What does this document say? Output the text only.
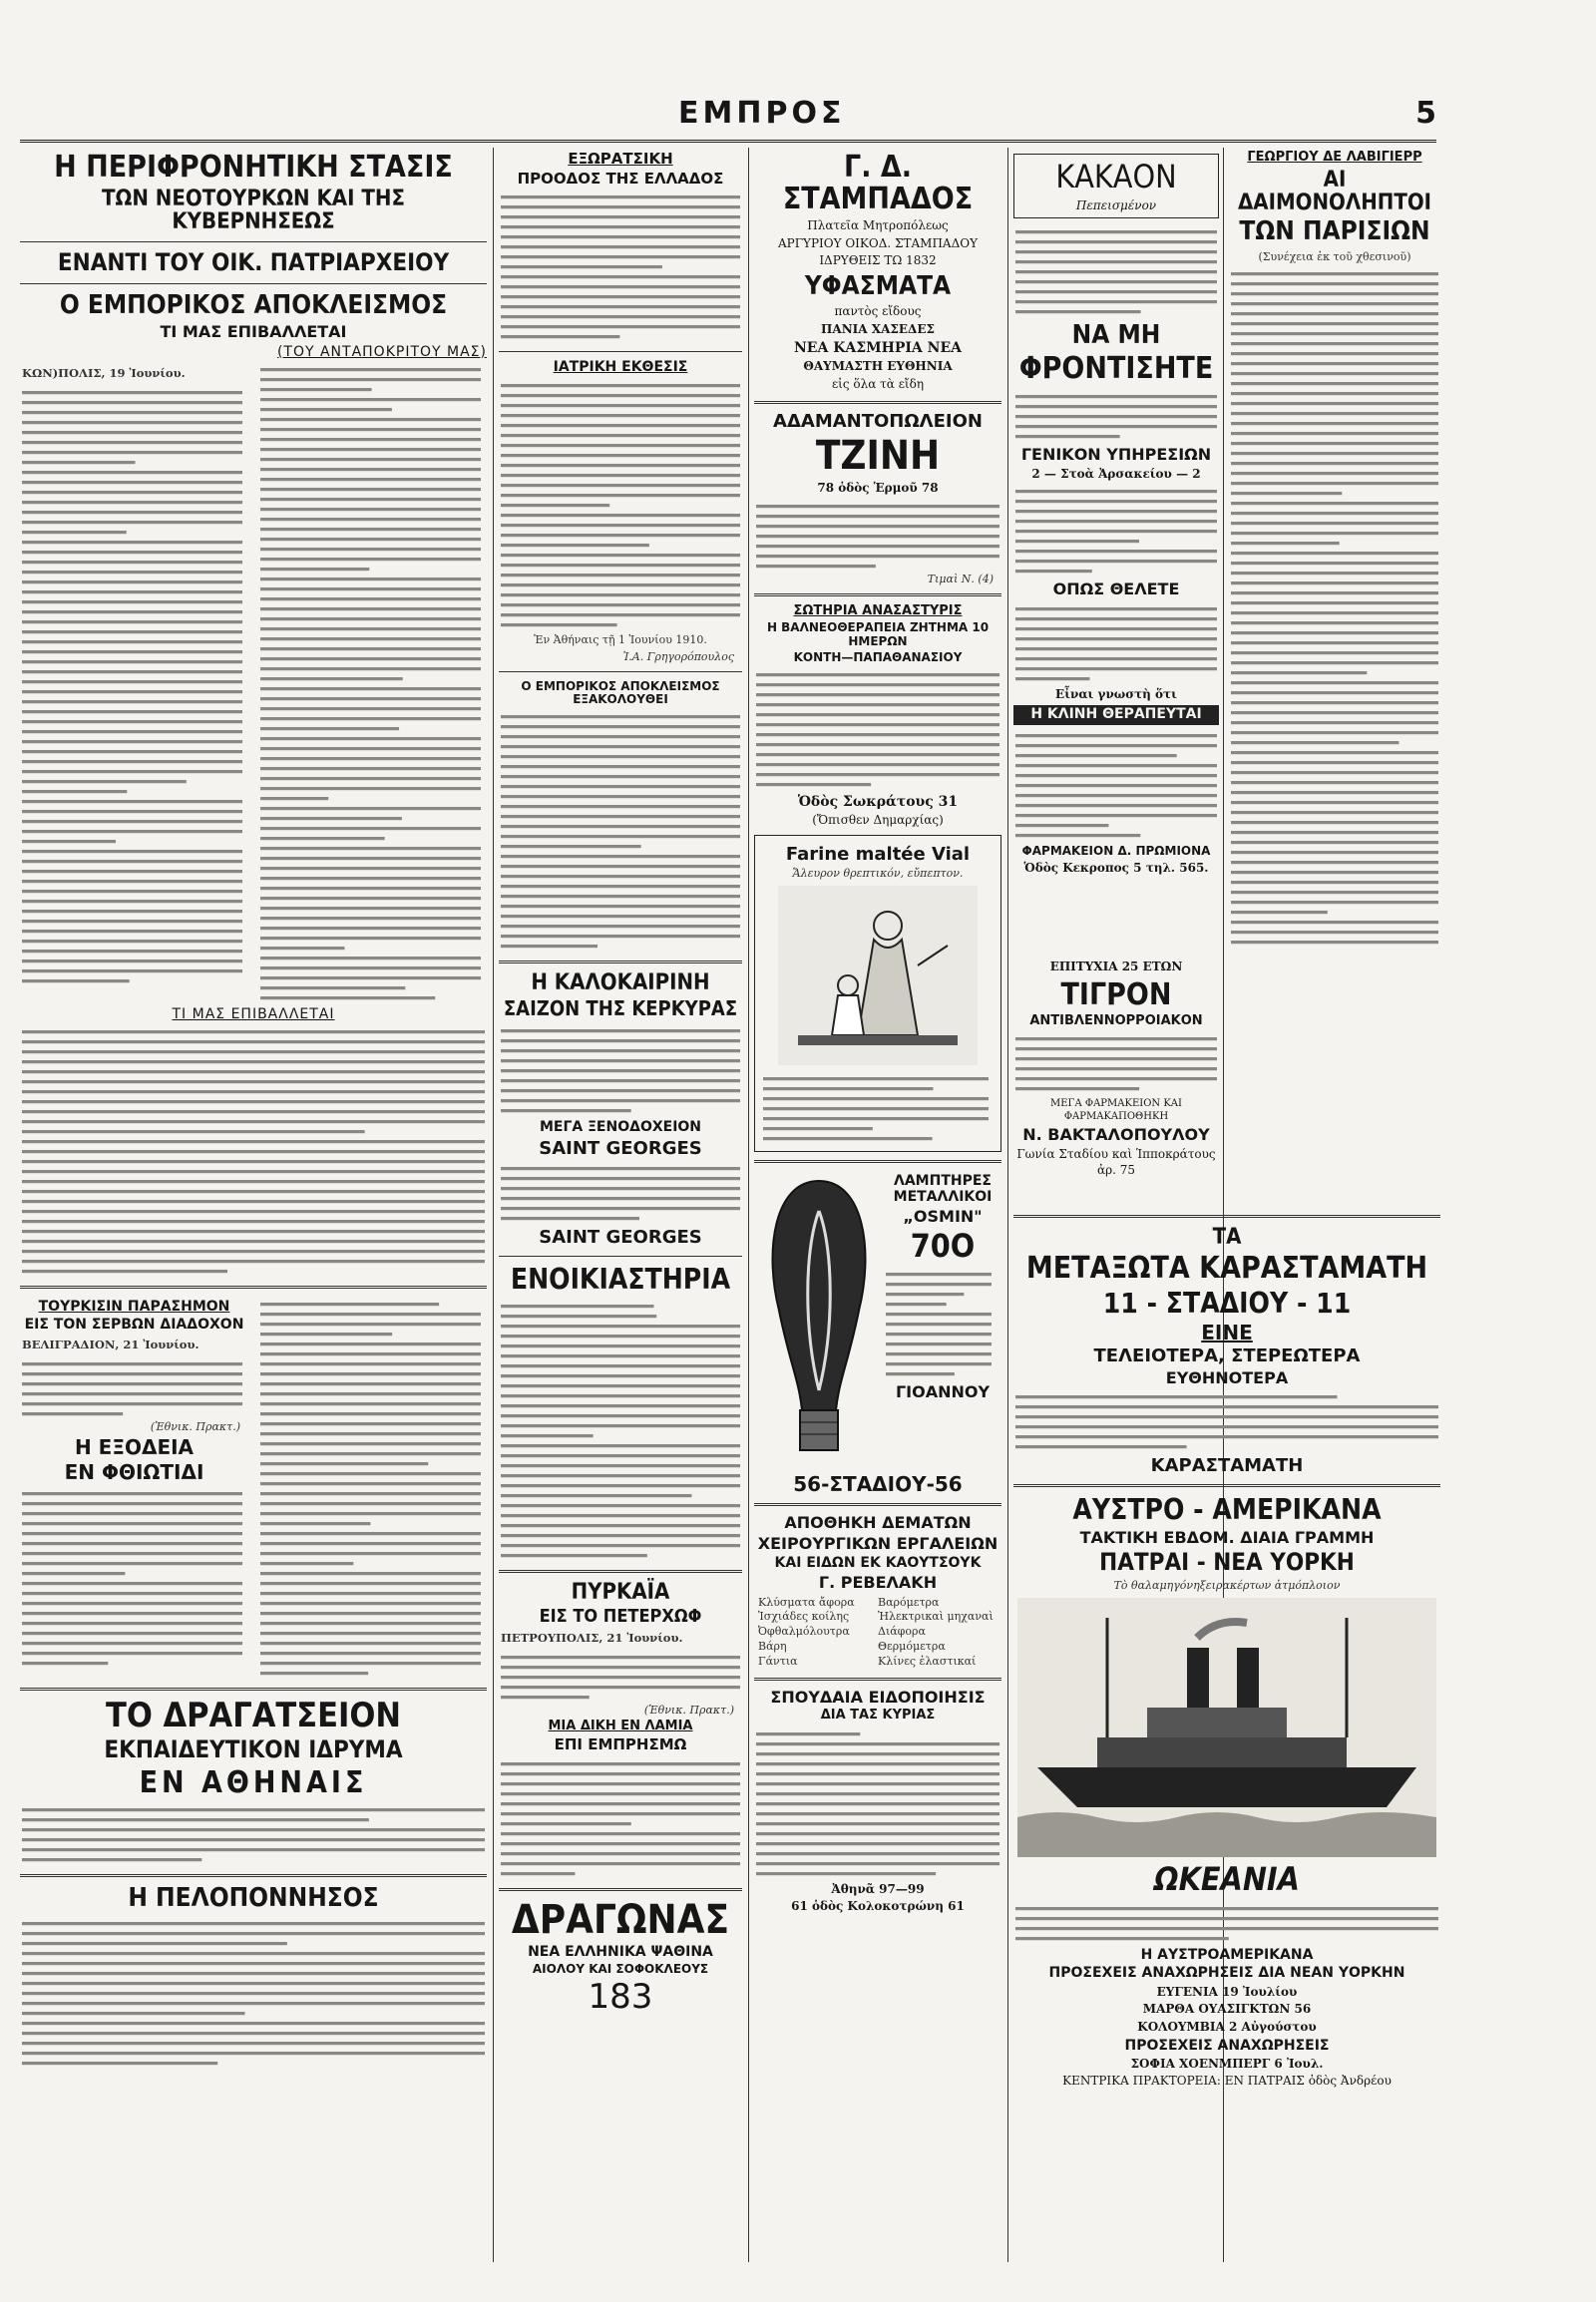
ΕΜΠΡΟΣ	5
Η ΠΕΡΙΦΡΟΝΗΤΙΚΗ ΣΤΑΣΙΣ
ΤΩΝ ΝΕΟΤΟΥΡΚΩΝ ΚΑΙ ΤΗΣ ΚΥΒΕΡΝΗΣΕΩΣ
ΕΝΑΝΤΙ ΤΟΥ ΟΙΚ. ΠΑΤΡΙΑΡΧΕΙΟΥ
Ο ΕΜΠΟΡΙΚΟΣ ΑΠΟΚΛΕΙΣΜΟΣ
ΤΙ ΜΑΣ ΕΠΙΒΑΛΛΕΤΑΙ
(ΤΟΥ ΑΝΤΑΠΟΚΡΙΤΟΥ ΜΑΣ)
ΚΩΝ)ΠΟΛΙΣ, 19 Ἰουνίου.
ΤΙ ΜΑΣ ΕΠΙΒΑΛΛΕΤΑΙ
ΤΟΥΡΚΙΣΙΝ ΠΑΡΑΣΗΜΟΝ
ΕΙΣ ΤΟΝ ΣΕΡΒΩΝ ΔΙΑΔΟΧΟΝ
ΒΕΛΙΓΡΑΔΙΟΝ, 21 Ἰουνίου.
(Ἐθνικ. Πρακτ.)
Η ΕΞΟΔΕΙΑ
ΕΝ ΦΘΙΩΤΙΔΙ
ΤΟ ΔΡΑΓΑΤΣΕΙΟΝ
ΕΚΠΑΙΔΕΥΤΙΚΟΝ ΙΔΡΥΜΑ
ΕΝ ΑΘΗΝΑΙΣ
Η ΠΕΛΟΠΟΝΝΗΣΟΣ
ΕΞΩΡΑΤΣΙΚΗ
ΠΡΟΟΔΟΣ ΤΗΣ ΕΛΛΑΔΟΣ
ΙΑΤΡΙΚΗ ΕΚΘΕΣΙΣ
Ἐν Ἀθήναις τῇ 1 Ἰουνίου 1910.
Ἰ.Α. Γρηγορόπουλος
Ο ΕΜΠΟΡΙΚΟΣ ΑΠΟΚΛΕΙΣΜΟΣ ΕΞΑΚΟΛΟΥΘΕΙ
Η ΚΑΛΟΚΑΙΡΙΝΗ
ΣΑΙΖΟΝ ΤΗΣ ΚΕΡΚΥΡΑΣ
ΜΕΓΑ ΞΕΝΟΔΟΧΕΙΟΝ
SAINT GEORGES
SAINT GEORGES
ΕΝΟΙΚΙΑΣΤΗΡΙΑ
ΠΥΡΚΑΪΑ
ΕΙΣ ΤΟ ΠΕΤΕΡΧΩΦ
ΠΕΤΡΟΥΠΟΛΙΣ, 21 Ἰουνίου.
(Ἐθνικ. Πρακτ.)
ΜΙΑ ΔΙΚΗ ΕΝ ΛΑΜΙΑ
ΕΠΙ ΕΜΠΡΗΣΜΩ
ΔΡΑΓΩΝΑΣ
ΝΕΑ ΕΛΛΗΝΙΚΑ ΨΑΘΙΝΑ
ΑΙΟΛΟΥ ΚΑΙ ΣΟΦΟΚΛΕΟΥΣ
183
Γ. Δ. ΣΤΑΜΠΑΔΟΣ
Πλατεῖα Μητροπόλεως
ΑΡΓΥΡΙΟΥ ΟΙΚΟΔ. ΣΤΑΜΠΑΔΟΥ
ΙΔΡΥΘΕΙΣ ΤΩ 1832
ΥΦΑΣΜΑΤΑ
παντὸς εἴδους
ΠΑΝΙΑ ΧΑΣΕΔΕΣ
ΝΕΑ ΚΑΣΜΗΡΙΑ ΝΕΑ
ΘΑΥΜΑΣΤΗ ΕΥΘΗΝΙΑ
εἰς ὅλα τὰ εἴδη
ΑΔΑΜΑΝΤΟΠΩΛΕΙΟΝ
ΤΖΙΝΗ
78 ὁδὸς Ἑρμοῦ 78
Τιμαὶ Ν. (4)
ΣΩΤΗΡΙΑ ΑΝΑΣΑΣΤΥΡΙΣ
Η ΒΑΛΝΕΟΘΕΡΑΠΕΙΑ ΖΗΤΗΜΑ 10 ΗΜΕΡΩΝ
ΚΟΝΤΗ—ΠΑΠΑΘΑΝΑΣΙΟΥ
Ὁδὸς Σωκράτους 31
(Ὄπισθεν Δημαρχίας)
Farine maltée Vial
Ἄλευρον θρεπτικόν, εὔπεπτον.
ΛΑΜΠΤΗΡΕΣ ΜΕΤΑΛΛΙΚΟΙ
„OSMIN"
70Ο
ΓΙΟΑΝΝΟΥ
56-ΣΤΑΔΙΟΥ-56
ΑΠΟΘΗΚΗ ΔΕΜΑΤΩΝ
ΧΕΙΡΟΥΡΓΙΚΩΝ ΕΡΓΑΛΕΙΩΝ
ΚΑΙ ΕΙΔΩΝ ΕΚ ΚΑΟΥΤΣΟΥΚ
Γ. ΡΕΒΕΛΑΚΗ
Κλύσματα ἄφορα	Βαρόμετρα
Ἰσχιάδες κοίλης	Ἠλεκτρικαὶ μηχαναὶ
Ὀφθαλμόλουτρα	Διάφορα
Βάρη	Θερμόμετρα
Γάντια	Κλίνες ἐλαστικαί
ΣΠΟΥΔΑΙΑ ΕΙΔΟΠΟΙΗΣΙΣ
ΔΙΑ ΤΑΣ ΚΥΡΙΑΣ
Ἀθηνᾶ 97—99
61 ὁδὸς Κολοκοτρώνη 61
ΚΑΚΑΟΝ
Πεπεισμένον
ΝΑ ΜΗ
ΦΡΟΝΤΙΣΗΤΕ
ΓΕΝΙΚΟΝ ΥΠΗΡΕΣΙΩΝ
2 — Στοὰ Ἀρσακείου — 2
ΟΠΩΣ ΘΕΛΕΤΕ
Εἶναι γνωστὴ ὅτι
Η ΚΛΙΝΗ ΘΕΡΑΠΕΥΤΑΙ
ΦΑΡΜΑΚΕΙΟΝ Δ. ΠΡΩΜΙΟΝΑ
Ὁδὸς Κεκροπος 5 τηλ. 565.
ΓΕΩΡΓΙΟΥ ΔΕ ΛΑΒΙΓΙΕΡΡ
ΑΙ ΔΑΙΜΟΝΟΛΗΠΤΟΙ
ΤΩΝ ΠΑΡΙΣΙΩΝ
(Συνέχεια ἐκ τοῦ χθεσινοῦ)
ΕΠΙΤΥΧΙΑ 25 ΕΤΩΝ
ΤΙΓΡΟΝ
ΑΝΤΙΒΛΕΝΝΟΡΡΟΙΑΚΟΝ
ΜΕΓΑ ΦΑΡΜΑΚΕΙΟΝ ΚΑΙ ΦΑΡΜΑΚΑΠΟΘΗΚΗ
Ν. ΒΑΚΤΑΛΟΠΟΥΛΟΥ
Γωνία Σταδίου καὶ Ἱπποκράτους ἀρ. 75
ΤΑ
ΜΕΤΑΞΩΤΑ ΚΑΡΑΣΤΑΜΑΤΗ
11 - ΣΤΑΔΙΟΥ - 11
ΕΙΝΕ
ΤΕΛΕΙΟΤΕΡΑ, ΣΤΕΡΕΩΤΕΡΑ
ΕΥΘΗΝΟΤΕΡΑ
ΚΑΡΑΣΤΑΜΑΤΗ
ΑΥΣΤΡΟ - ΑΜΕΡΙΚΑΝΑ
ΤΑΚΤΙΚΗ ΕΒΔΟΜ. ΔΙΑΙΑ ΓΡΑΜΜΗ
ΠΑΤΡΑΙ - ΝΕΑ ΥΟΡΚΗ
Τὸ θαλαμηγόνηξειρακέρτων ἀτμόπλοιον
ΩΚΕΑΝΙΑ
Η ΑΥΣΤΡΟΑΜΕΡΙΚΑΝΑ
ΠΡΟΣΕΧΕΙΣ ΑΝΑΧΩΡΗΣΕΙΣ ΔΙΑ ΝΕΑΝ ΥΟΡΚΗΝ
ΕΥΓΕΝΙΑ 19 Ἰουλίου
ΜΑΡΘΑ ΟΥΑΣΙΓΚΤΩΝ 56
ΚΟΛΟΥΜΒΙΑ 2 Αὐγούστου
ΠΡΟΣΕΧΕΙΣ ΑΝΑΧΩΡΗΣΕΙΣ
ΣΟΦΙΑ ΧΟΕΝΜΠΕΡΓ 6 Ἰουλ.
ΚΕΝΤΡΙΚΑ ΠΡΑΚΤΟΡΕΙΑ: ΕΝ ΠΑΤΡΑΙΣ ὁδὸς Ἀνδρέου
